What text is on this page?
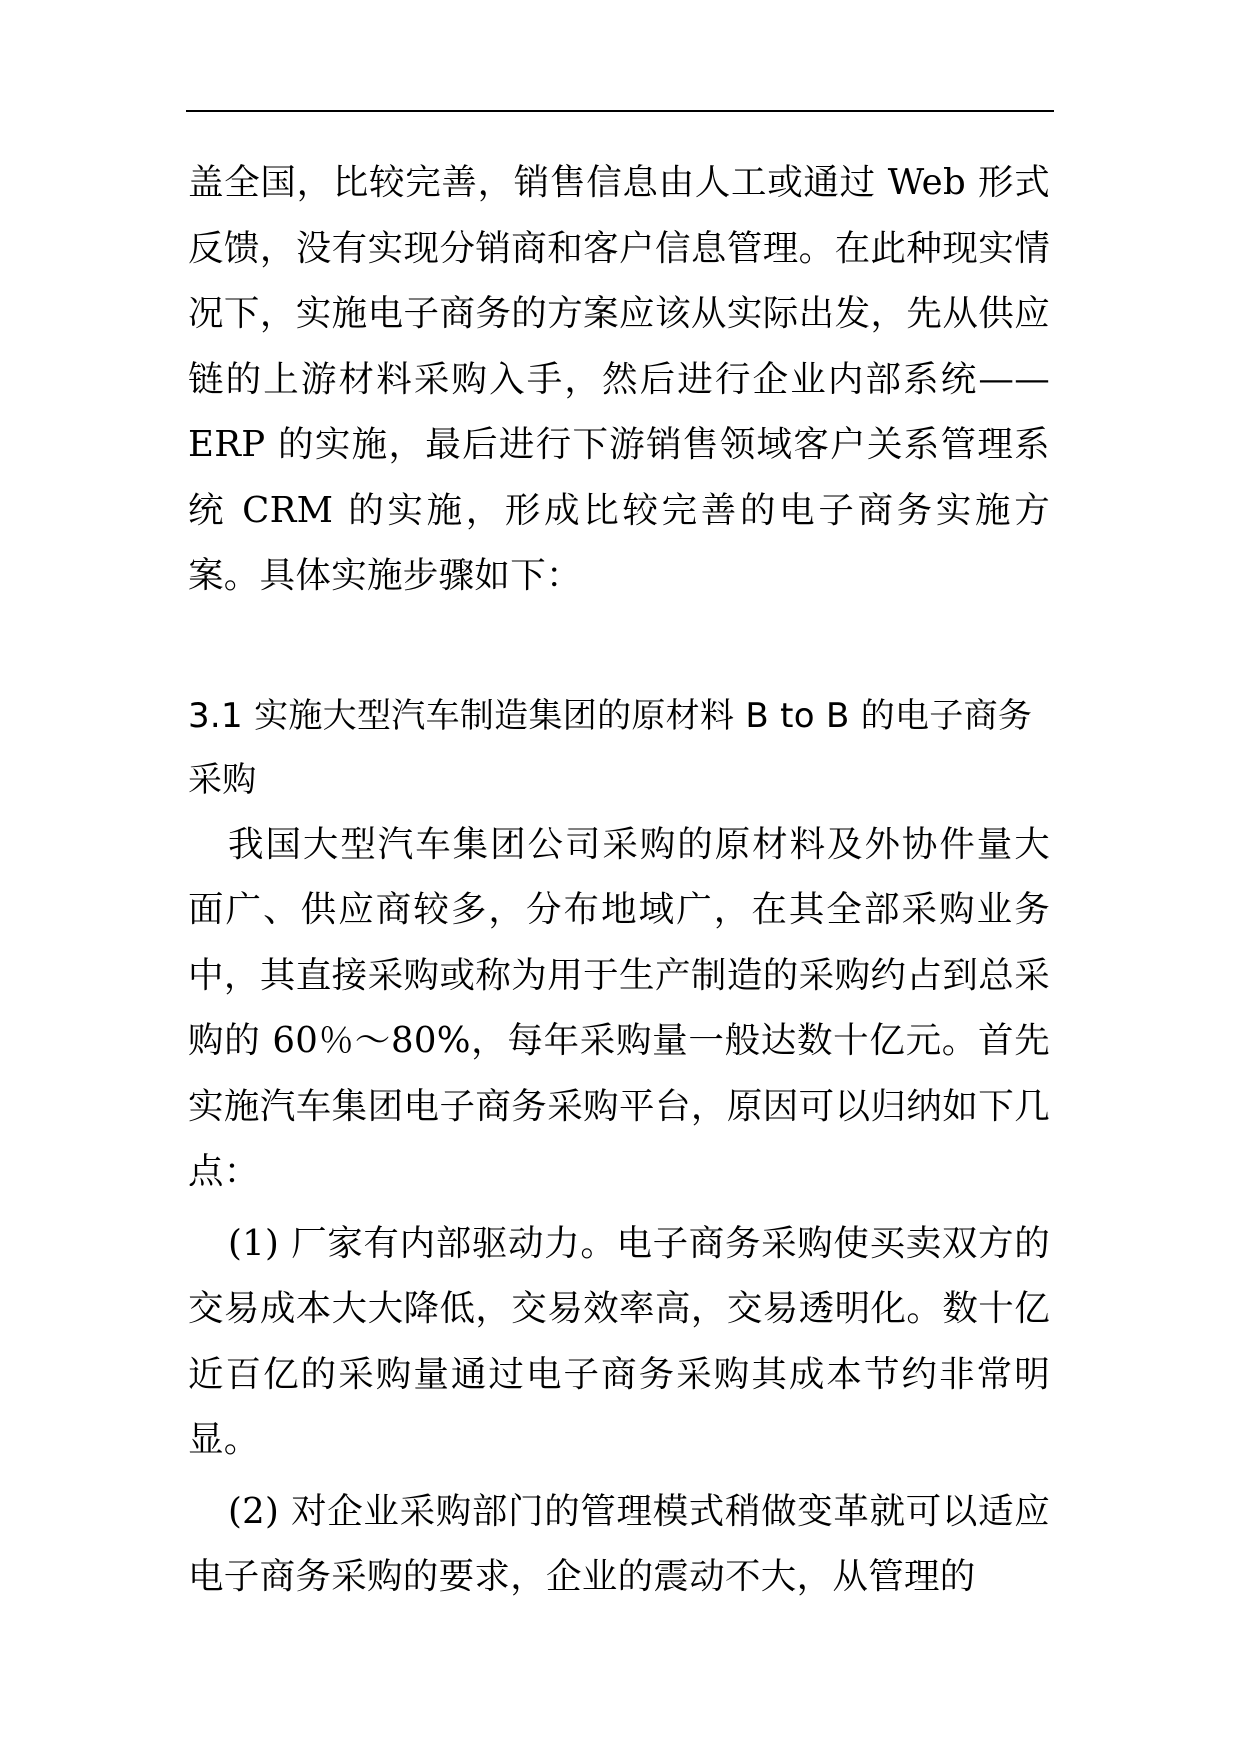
盖全国，比较完善，销售信息由人工或通过 Web 形式反馈，没有实现分销商和客户信息管理。在此种现实情况下，实施电子商务的方案应该从实际出发，先从供应链的上游材料采购入手，然后进行企业内部系统——ERP 的实施，最后进行下游销售领域客户关系管理系统 CRM 的实施，形成比较完善的电子商务实施方案。具体实施步骤如下：

3.1 实施大型汽车制造集团的原材料 B to B 的电子商务采购

我国大型汽车集团公司采购的原材料及外协件量大面广、供应商较多，分布地域广，在其全部采购业务中，其直接采购或称为用于生产制造的采购约占到总采购的 60％～80%，每年采购量一般达数十亿元。首先实施汽车集团电子商务采购平台，原因可以归纳如下几点：

(1) 厂家有内部驱动力。电子商务采购使买卖双方的交易成本大大降低，交易效率高，交易透明化。数十亿近百亿的采购量通过电子商务采购其成本节约非常明显。

(2) 对企业采购部门的管理模式稍做变革就可以适应电子商务采购的要求，企业的震动不大，从管理的
